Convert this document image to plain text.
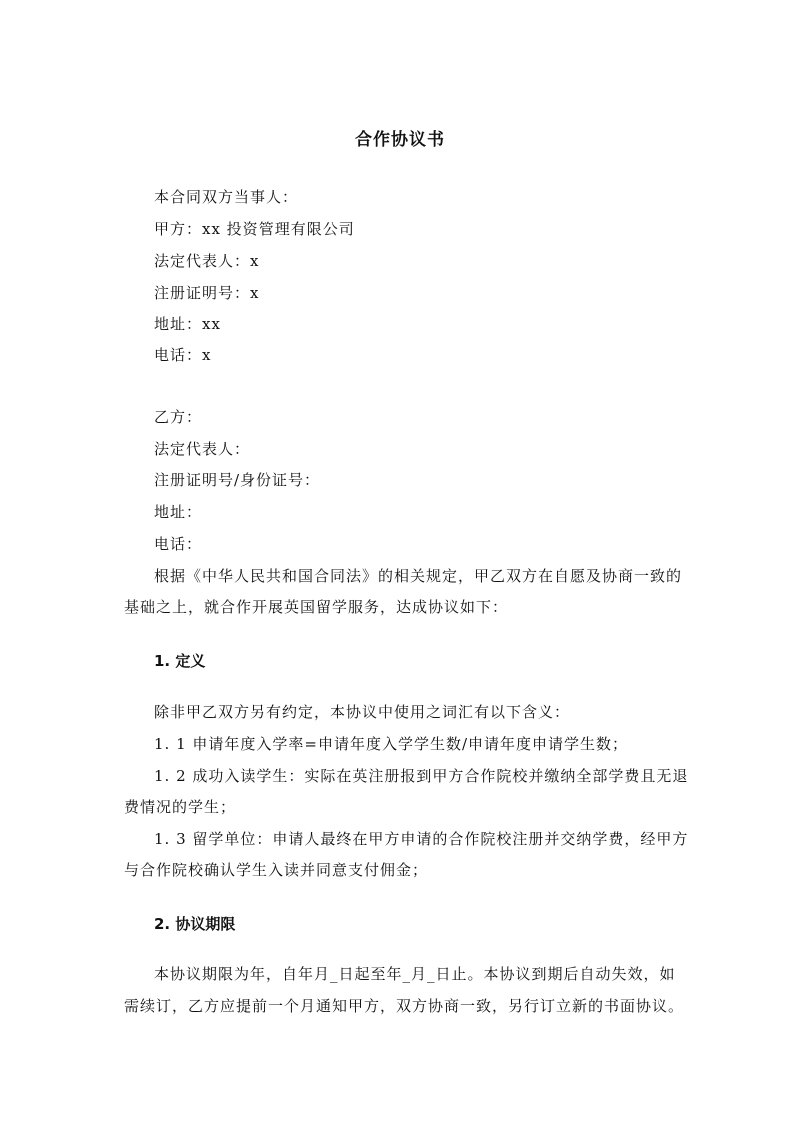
合作协议书
本合同双方当事人：
甲方：xx 投资管理有限公司
法定代表人：x
注册证明号：x
地址：xx
电话：x
乙方：
法定代表人：
注册证明号/身份证号：
地址：
电话：
根据《中华人民共和国合同法》的相关规定，甲乙双方在自愿及协商一致的
基础之上，就合作开展英国留学服务，达成协议如下：
1. 定义
除非甲乙双方另有约定，本协议中使用之词汇有以下含义：
1. 1 申请年度入学率=申请年度入学学生数/申请年度申请学生数；
1. 2 成功入读学生：实际在英注册报到甲方合作院校并缴纳全部学费且无退
费情况的学生；
1. 3 留学单位：申请人最终在甲方申请的合作院校注册并交纳学费，经甲方
与合作院校确认学生入读并同意支付佣金；
2. 协议期限
本协议期限为年，自年月_日起至年_月_日止。本协议到期后自动失效，如
需续订，乙方应提前一个月通知甲方，双方协商一致，另行订立新的书面协议。
